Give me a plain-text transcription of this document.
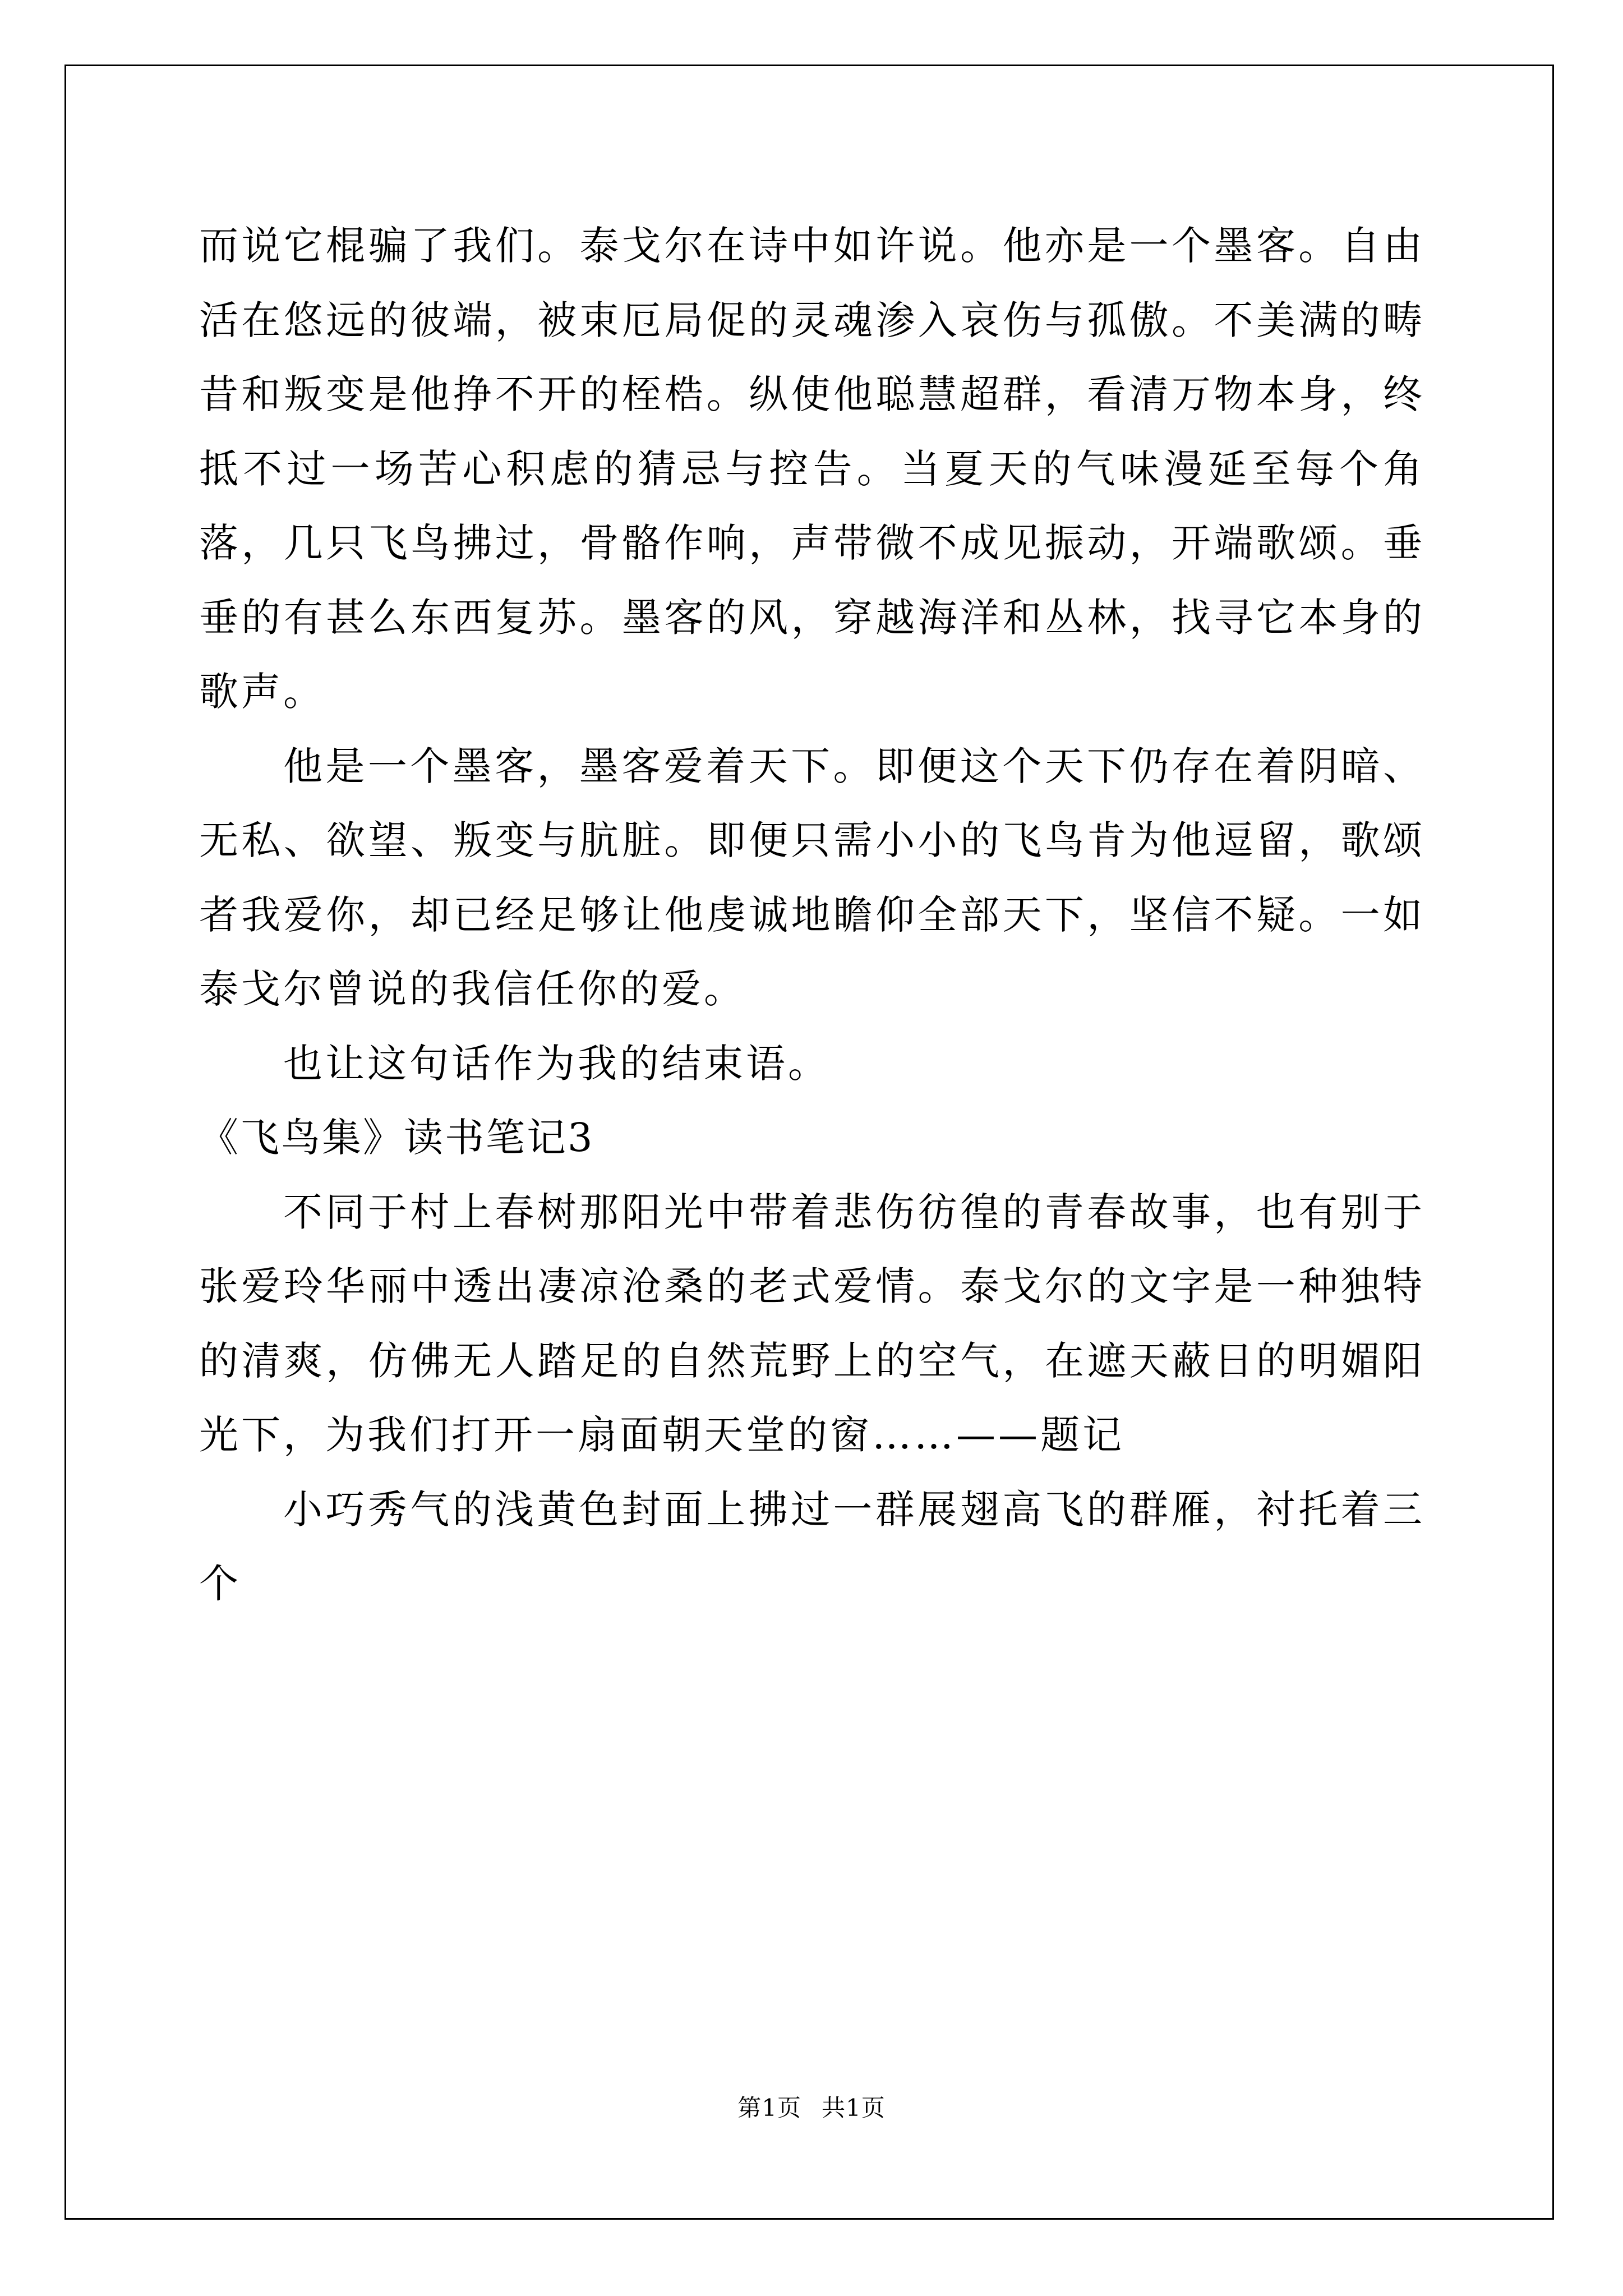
而说它棍骗了我们。泰戈尔在诗中如许说。他亦是一个墨客。自由活在悠远的彼端，被束厄局促的灵魂渗入哀伤与孤傲。不美满的畴昔和叛变是他挣不开的桎梏。纵使他聪慧超群，看清万物本身，终抵不过一场苦心积虑的猜忌与控告。当夏天的气味漫延至每个角落，几只飞鸟拂过，骨骼作响，声带微不成见振动，开端歌颂。垂垂的有甚么东西复苏。墨客的风，穿越海洋和丛林，找寻它本身的歌声。

他是一个墨客，墨客爱着天下。即便这个天下仍存在着阴暗、无私、欲望、叛变与肮脏。即便只需小小的飞鸟肯为他逗留，歌颂者我爱你，却已经足够让他虔诚地瞻仰全部天下，坚信不疑。一如泰戈尔曾说的我信任你的爱。

也让这句话作为我的结束语。

《飞鸟集》读书笔记3

不同于村上春树那阳光中带着悲伤彷徨的青春故事，也有别于张爱玲华丽中透出凄凉沧桑的老式爱情。泰戈尔的文字是一种独特的清爽，仿佛无人踏足的自然荒野上的空气，在遮天蔽日的明媚阳光下，为我们打开一扇面朝天堂的窗……——题记

小巧秀气的浅黄色封面上拂过一群展翅高飞的群雁，衬托着三个

第1页 共1页
